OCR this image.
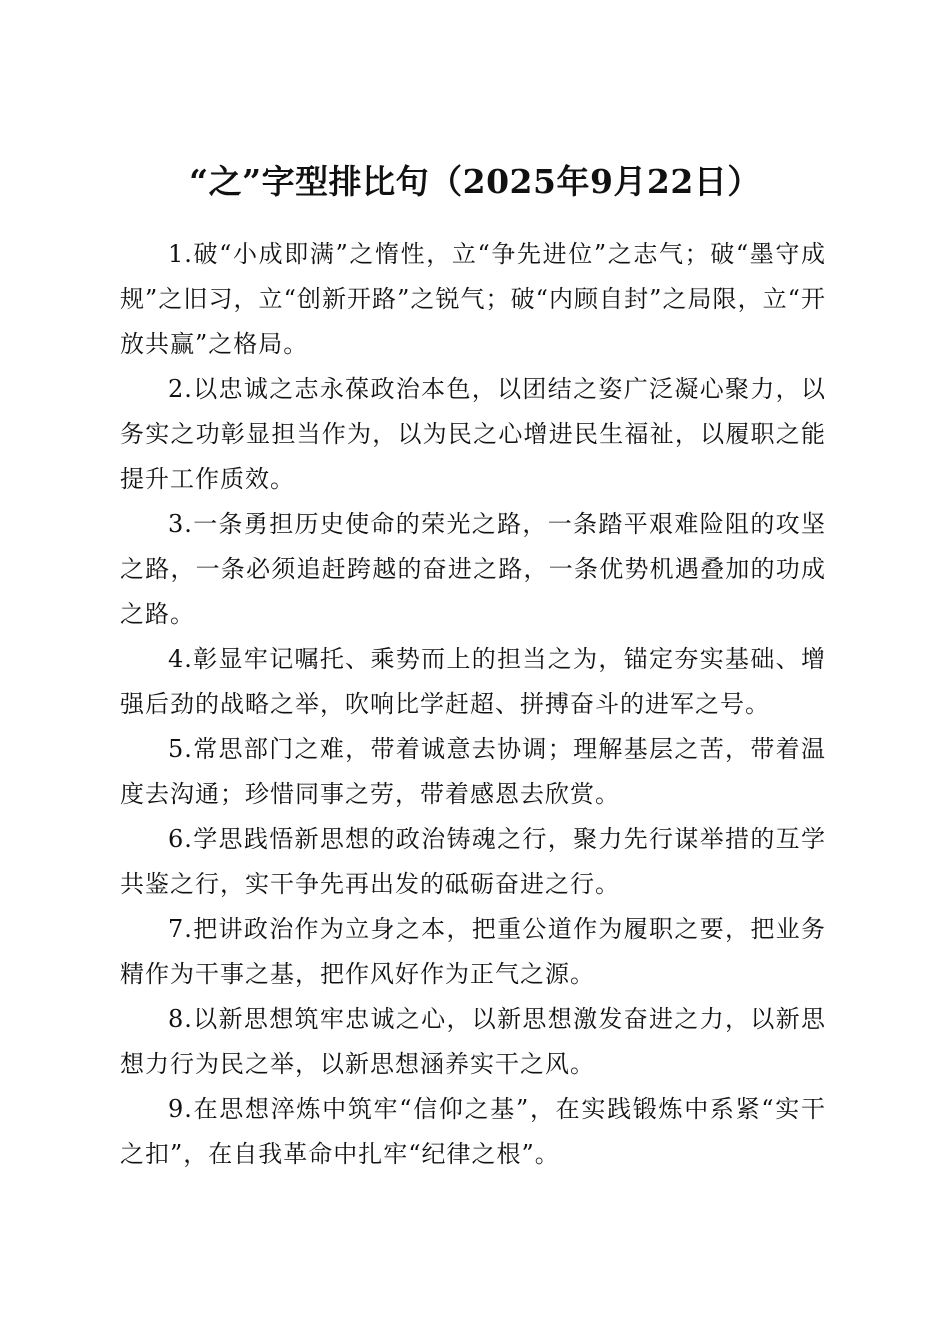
“之”字型排比句（2025年9月22日）

1.破“小成即满”之惰性，立“争先进位”之志气；破“墨守成规”之旧习，立“创新开路”之锐气；破“内顾自封”之局限，立“开放共赢”之格局。

2.以忠诚之志永葆政治本色，以团结之姿广泛凝心聚力，以务实之功彰显担当作为，以为民之心增进民生福祉，以履职之能提升工作质效。

3.一条勇担历史使命的荣光之路，一条踏平艰难险阻的攻坚之路，一条必须追赶跨越的奋进之路，一条优势机遇叠加的功成之路。

4.彰显牢记嘱托、乘势而上的担当之为，锚定夯实基础、增强后劲的战略之举，吹响比学赶超、拼搏奋斗的进军之号。

5.常思部门之难，带着诚意去协调；理解基层之苦，带着温度去沟通；珍惜同事之劳，带着感恩去欣赏。

6.学思践悟新思想的政治铸魂之行，聚力先行谋举措的互学共鉴之行，实干争先再出发的砥砺奋进之行。

7.把讲政治作为立身之本，把重公道作为履职之要，把业务精作为干事之基，把作风好作为正气之源。

8.以新思想筑牢忠诚之心，以新思想激发奋进之力，以新思想力行为民之举，以新思想涵养实干之风。

9.在思想淬炼中筑牢“信仰之基”，在实践锻炼中系紧“实干之扣”，在自我革命中扎牢“纪律之根”。
